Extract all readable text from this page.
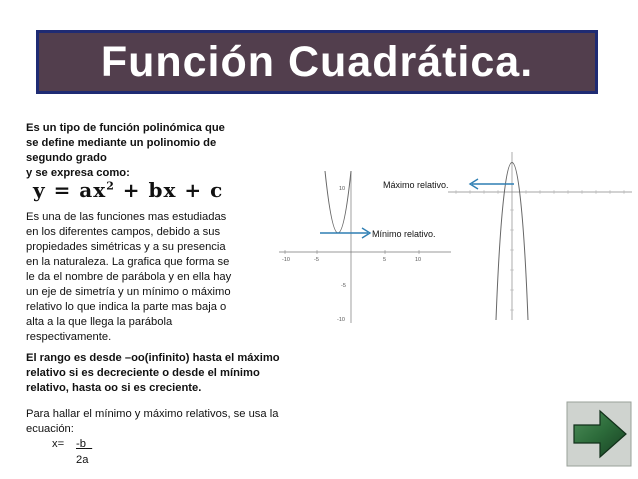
Función Cuadrática.
Es un tipo de función polinómica que
se define mediante un polinomio de
segundo grado
y se expresa como:
$y = ax^2$ + bx + c
Es una de las funciones mas estudiadas
en los diferentes campos, debido a sus
propiedades simétricas y a su presencia
en la naturaleza. La grafica que forma se
le da el nombre de parábola y en ella hay
un eje de simetría y un mínimo o máximo
relativo lo que indica la parte mas baja o
alta a la que llega la parábola
respectivamente.
El rango es desde –oo(infinito) hasta el máximo
relativo si es decreciente o desde el mínimo
relativo, hasta oo si es creciente.
Para hallar el mínimo y máximo relativos, se usa la
ecuación:
x= -b
2a
-10	-5	5	10
10
-5
-10
Mínimo relativo.
Máximo relativo.
